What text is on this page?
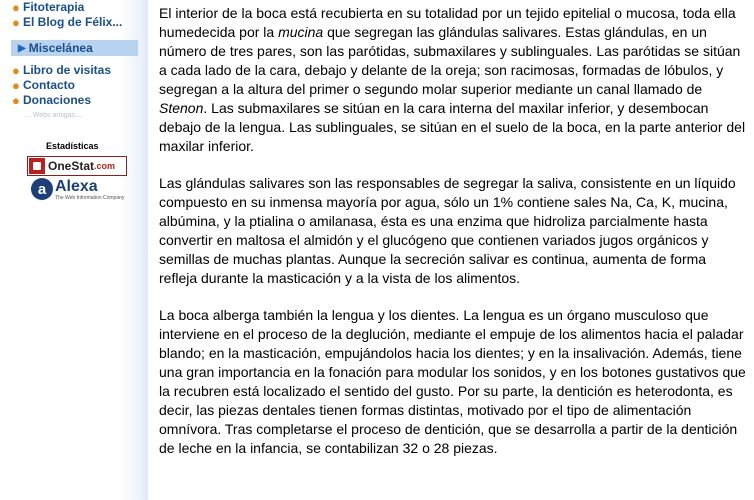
● Fitoterapia
● El Blog de Félix...
▶ Miscelánea
● Libro de visitas
● Contacto
● Donaciones
....Webs amigas....
Estadísticas
OneStat .com
a Alexa
The Web Information Company

El interior de la boca está recubierta en su totalidad por un tejido epitelial o mucosa, toda ella humedecida por la mucina que segregan las glándulas salivares. Estas glándulas, en un número de tres pares, son las parótidas, submaxilares y sublinguales. Las parótidas se sitúan a cada lado de la cara, debajo y delante de la oreja; son racimosas, formadas de lóbulos, y segregan a la altura del primer o segundo molar superior mediante un canal llamado de Stenon. Las submaxilares se sitúan en la cara interna del maxilar inferior, y desembocan debajo de la lengua. Las sublinguales, se sitúan en el suelo de la boca, en la parte anterior del maxilar inferior.

Las glándulas salivares son las responsables de segregar la saliva, consistente en un líquido compuesto en su inmensa mayoría por agua, sólo un 1% contiene sales Na, Ca, K, mucina, albúmina, y la ptialina o amilanasa, ésta es una enzima que hidroliza parcialmente hasta convertir en maltosa el almidón y el glucógeno que contienen variados jugos orgánicos y semillas de muchas plantas. Aunque la secreción salivar es continua, aumenta de forma refleja durante la masticación y a la vista de los alimentos.

La boca alberga también la lengua y los dientes. La lengua es un órgano musculoso que interviene en el proceso de la deglución, mediante el empuje de los alimentos hacia el paladar blando; en la masticación, empujándolos hacia los dientes; y en la insalivación. Además, tiene una gran importancia en la fonación para modular los sonidos, y en los botones gustativos que la recubren está localizado el sentido del gusto. Por su parte, la dentición es heterodonta, es decir, las piezas dentales tienen formas distintas, motivado por el tipo de alimentación omnívora. Tras completarse el proceso de dentición, que se desarrolla a partir de la dentición de leche en la infancia, se contabilizan 32 o 28 piezas.
